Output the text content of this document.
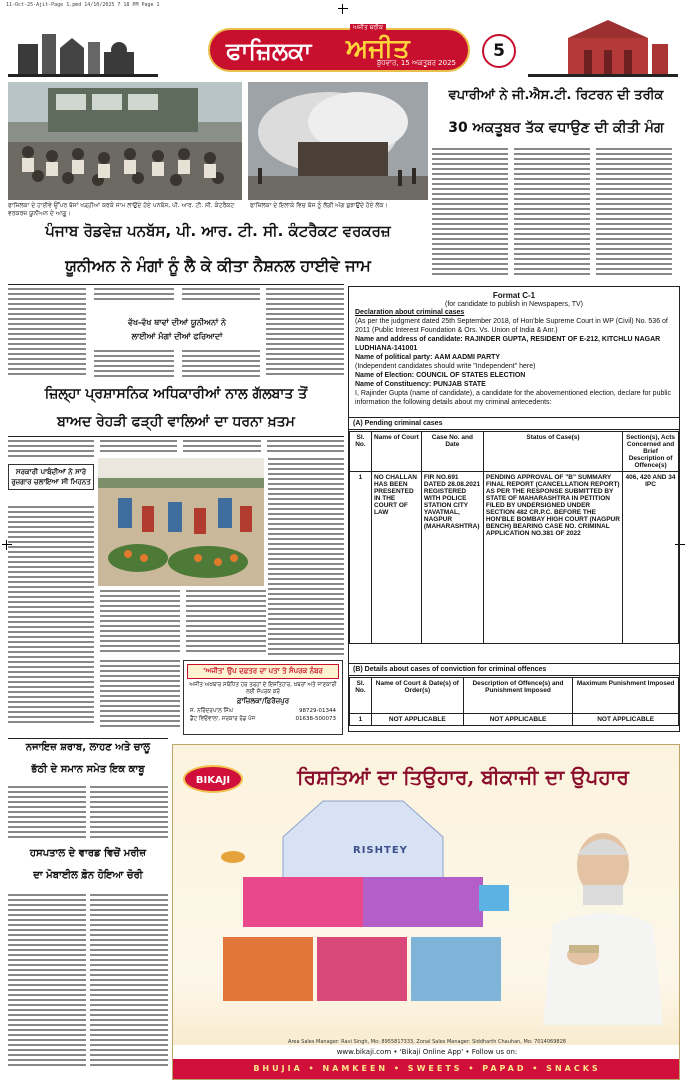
11-Oct-25-Ajit-Page 1.pmd 14/10/2025 7 18 PM Page 1
ਅਜੀਤ ਬਰੀਕ
ਫਾਜ਼ਿਲਕਾ ਅਜੀਤ
ਬੁੱਧਵਾਰ, 15 ਅਕਤੂਬਰ 2025
5
ਫਾਜ਼ਿਲਕਾ ਦੇ ਹਾਈਵੇ ਉੱਪਰ ਬੱਸਾਂ ਖੜ੍ਹੀਆਂ ਕਰਕੇ ਜਾਮ ਲਾਉਂਦੇ ਹੋਏ ਪਨਬੱਸ, ਪੀ. ਆਰ. ਟੀ. ਸੀ. ਕੰਟਰੈਕਟ ਵਰਕਰਜ਼ ਯੂਨੀਅਨ ਦੇ ਆਗੂ।
ਫਾਜ਼ਿਲਕਾ ਦੇ ਇਲਾਕੇ ਵਿਚ ਬੱਸ ਨੂੰ ਲੱਗੀ ਅੱਗ ਬੁਝਾਉਂਦੇ ਹੋਏ ਲੋਕ।
ਵਪਾਰੀਆਂ ਨੇ ਜੀ.ਐਸ.ਟੀ. ਰਿਟਰਨ ਦੀ ਤਰੀਕ
30 ਅਕਤੂਬਰ ਤੱਕ ਵਧਾਉਣ ਦੀ ਕੀਤੀ ਮੰਗ
ਪੰਜਾਬ ਰੋਡਵੇਜ਼ ਪਨਬੱਸ, ਪੀ. ਆਰ. ਟੀ. ਸੀ. ਕੰਟਰੈਕਟ ਵਰਕਰਜ਼
ਯੂਨੀਅਨ ਨੇ ਮੰਗਾਂ ਨੂੰ ਲੈ ਕੇ ਕੀਤਾ ਨੈਸ਼ਨਲ ਹਾਈਵੇ ਜਾਮ
ਵੱਖ-ਵੱਖ ਥਾਵਾਂ ਦੀਆਂ ਯੂਨੀਅਨਾਂ ਨੇ
ਲਾਈਆਂ ਮੰਗਾਂ ਦੀਆਂ ਫਰਿਆਦਾਂ
ਜ਼ਿਲ੍ਹਾ ਪ੍ਰਸ਼ਾਸਨਿਕ ਅਧਿਕਾਰੀਆਂ ਨਾਲ ਗੱਲਬਾਤ ਤੋਂ
ਬਾਅਦ ਰੇਹੜੀ ਫੜ੍ਹੀ ਵਾਲਿਆਂ ਦਾ ਧਰਨਾ ਖ਼ਤਮ
ਸਰਕਾਰੀ ਪਾਬੰਦੀਆਂ ਨੇ ਸਾਰੇ ਰੁਜ਼ਗਾਰ ਚਲਾਇਆ ਸੀ ਮਿਹਨਤ
'ਅਜੀਤ' ਉਪ ਦਫ਼ਤਰ ਦਾ ਪਤਾ ਤੇ ਸੰਪਰਕ ਨੰਬਰ
ਅਜੀਤ ਅਖ਼ਬਾਰ ਸਬੰਧਿਤ ਹਰ ਤਰ੍ਹਾਂ ਦੇ ਇਸ਼ਤਿਹਾਰ, ਖ਼ਬਰਾਂ ਅਤੇ ਜਾਣਕਾਰੀ ਲਈ ਸੰਪਰਕ ਕਰੋ
ਫ਼ਾਜ਼ਿਲਕਾ/ਫ਼ਿਰੋਜ਼ਪੁਰ
ਸ. ਨਰਿੰਦਰਪਾਲ ਸਿੰਘ	98729-01344
ਡੈਂਟ ਵਿਓਵਾਲਾ, ਸਰਕਾਰ ਰੋਡ ਪੰਜ	01638-500073
Format C-1
(for candidate to publish in Newspapers, TV)
Declaration about criminal cases
(As per the judgment dated 25th September 2018, of Hon'ble Supreme Court in WP (Civil) No. 536 of 2011 (Public Interest Foundation & Ors. Vs. Union of India & Anr.)
Name and address of candidate: RAJINDER GUPTA, RESIDENT OF E-212, KITCHLU NAGAR LUDHIANA-141001
Name of political party: AAM AADMI PARTY
(Independent candidates should write "Independent" here)
Name of Election: COUNCIL OF STATES ELECTION
Name of Constituency: PUNJAB STATE
I, Rajinder Gupta (name of candidate), a candidate for the abovementioned election, declare for public information the following details about my criminal antecedents:
(A) Pending criminal cases
Sl. No.	Name of Court	Case No. and Date	Status of Case(s)	Section(s), Acts Concerned and Brief Description of Offence(s)
1	NO CHALLAN HAS BEEN PRESENTED IN THE COURT OF LAW	FIR NO.691 DATED 28.08.2021 REGISTERED WITH POLICE STATION CITY YAVATMAL, NAGPUR (MAHARASHTRA)	PENDING APPROVAL OF "B" SUMMARY FINAL REPORT (CANCELLATION REPORT) AS PER THE RESPONSE SUBMITTED BY STATE OF MAHARASHTRA IN PETITION FILED BY UNDERSIGNED UNDER SECTION 482 CR.P.C. BEFORE THE HON'BLE BOMBAY HIGH COURT (NAGPUR BENCH) BEARING CASE NO. CRIMINAL APPLICATION NO.381 OF 2022	406, 420 AND 34 IPC
(B) Details about cases of conviction for criminal offences
Sl. No.	Name of Court & Date(s) of Order(s)	Description of Offence(s) and Punishment Imposed	Maximum Punishment Imposed
1	NOT APPLICABLE	NOT APPLICABLE	NOT APPLICABLE
ਨਜਾਇਜ਼ ਸ਼ਰਾਬ, ਲਾਹਣ ਅਤੇ ਚਾਲੂ
ਭੱਠੀ ਦੇ ਸਮਾਨ ਸਮੇਤ ਇਕ ਕਾਬੂ
ਹਸਪਤਾਲ ਦੇ ਵਾਰਡ ਵਿਚੋਂ ਮਰੀਜ਼
ਦਾ ਮੋਬਾਈਲ ਫ਼ੋਨ ਹੋਇਆ ਚੋਰੀ
BIKAJI	ਰਿਸ਼ਤਿਆਂ ਦਾ ਤਿਉਹਾਰ, ਬੀਕਾਜੀ ਦਾ ਉਪਹਾਰ
RISHTEY
Area Sales Manager: Ravi Singh, Mo: 8955817333, Zonal Sales Manager: Siddharth Chauhan, Mo: 7014069828
www.bikaji.com • 'Bikaji Online App' • Follow us on:
BHUJIA • NAMKEEN • SWEETS • PAPAD • SNACKS
